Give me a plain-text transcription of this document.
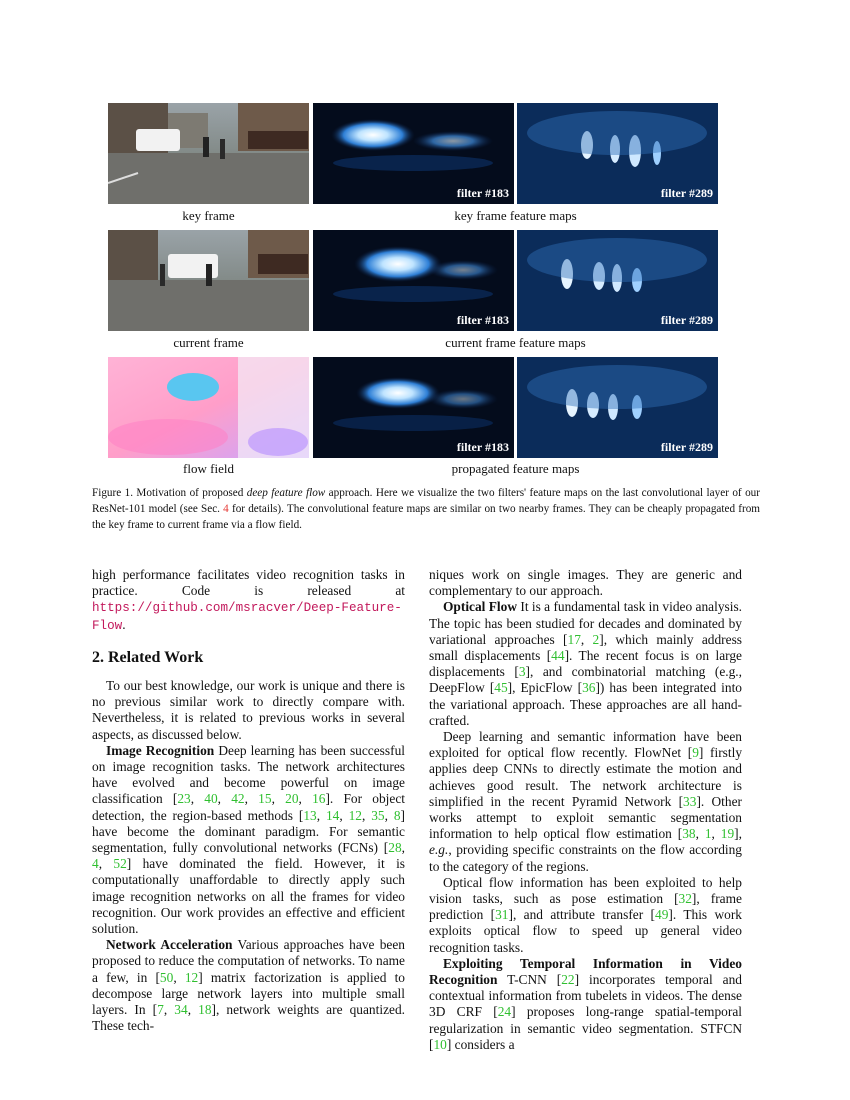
filter #183	filter #289
key frame	key frame feature maps
filter #183	filter #289
current frame	current frame feature maps
filter #183	filter #289
flow field	propagated feature maps
Figure 1. Motivation of proposed deep feature flow approach. Here we visualize the two filters' feature maps on the last convolutional layer of our ResNet-101 model (see Sec. 4 for details). The convolutional feature maps are similar on two nearby frames. They can be cheaply propagated from the key frame to current frame via a flow field.

high performance facilitates video recognition tasks in practice. Code is released at https://github.com/msracver/Deep-Feature-Flow.

2. Related Work

To our best knowledge, our work is unique and there is no previous similar work to directly compare with. Nevertheless, it is related to previous works in several aspects, as discussed below.

Image Recognition Deep learning has been successful on image recognition tasks. The network architectures have evolved and become powerful on image classification [23, 40, 42, 15, 20, 16]. For object detection, the region-based methods [13, 14, 12, 35, 8] have become the dominant paradigm. For semantic segmentation, fully convolutional networks (FCNs) [28, 4, 52] have dominated the field. However, it is computationally unaffordable to directly apply such image recognition networks on all the frames for video recognition. Our work provides an effective and efficient solution.

Network Acceleration Various approaches have been proposed to reduce the computation of networks. To name a few, in [50, 12] matrix factorization is applied to decompose large network layers into multiple small layers. In [7, 34, 18], network weights are quantized. These tech-

niques work on single images. They are generic and complementary to our approach.

Optical Flow It is a fundamental task in video analysis. The topic has been studied for decades and dominated by variational approaches [17, 2], which mainly address small displacements [44]. The recent focus is on large displacements [3], and combinatorial matching (e.g., DeepFlow [45], EpicFlow [36]) has been integrated into the variational approach. These approaches are all hand-crafted.

Deep learning and semantic information have been exploited for optical flow recently. FlowNet [9] firstly applies deep CNNs to directly estimate the motion and achieves good result. The network architecture is simplified in the recent Pyramid Network [33]. Other works attempt to exploit semantic segmentation information to help optical flow estimation [38, 1, 19], e.g., providing specific constraints on the flow according to the category of the regions.

Optical flow information has been exploited to help vision tasks, such as pose estimation [32], frame prediction [31], and attribute transfer [49]. This work exploits optical flow to speed up general video recognition tasks.

Exploiting Temporal Information in Video Recognition T-CNN [22] incorporates temporal and contextual information from tubelets in videos. The dense 3D CRF [24] proposes long-range spatial-temporal regularization in semantic video segmentation. STFCN [10] considers a
